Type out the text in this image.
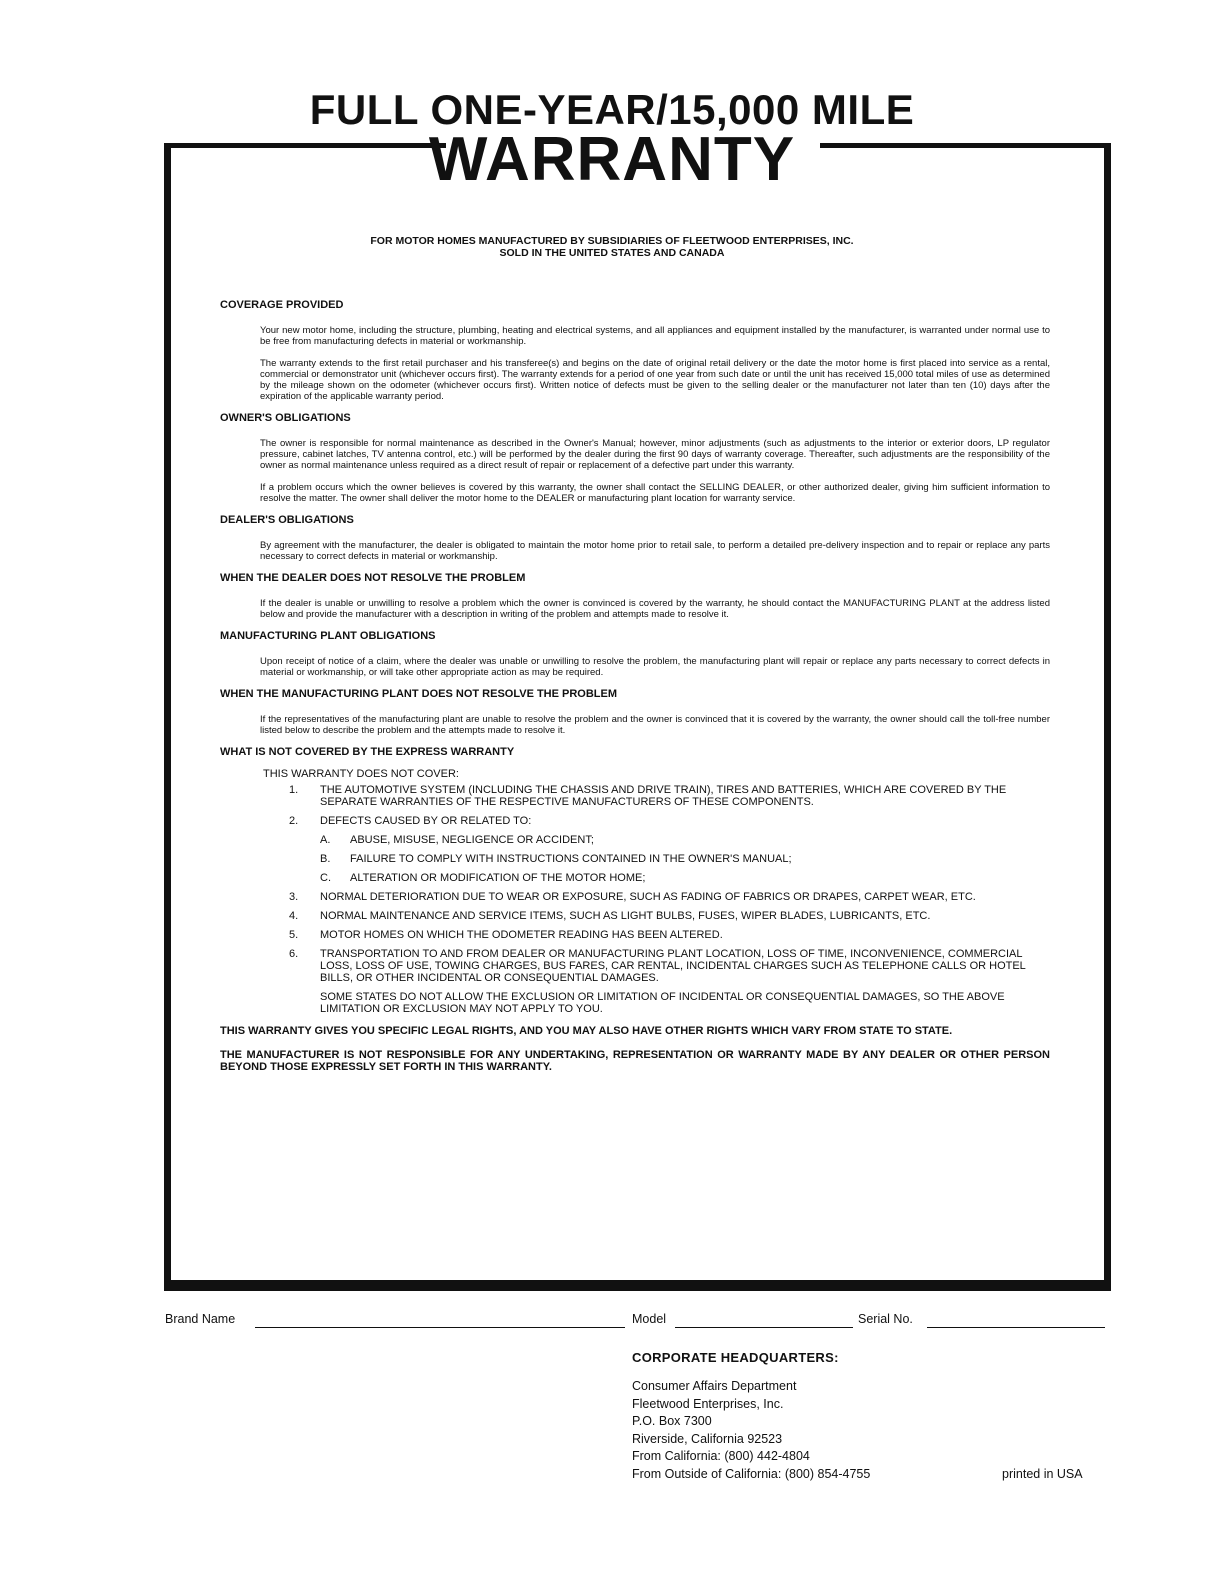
FULL ONE-YEAR/15,000 MILE
WARRANTY
FOR MOTOR HOMES MANUFACTURED BY SUBSIDIARIES OF FLEETWOOD ENTERPRISES, INC.
SOLD IN THE UNITED STATES AND CANADA
COVERAGE PROVIDED

Your new motor home, including the structure, plumbing, heating and electrical systems, and all appliances and equipment installed by the manufacturer, is warranted under normal use to be free from manufacturing defects in material or workmanship.

The warranty extends to the first retail purchaser and his transferee(s) and begins on the date of original retail delivery or the date the motor home is first placed into service as a rental, commercial or demonstrator unit (whichever occurs first). The warranty extends for a period of one year from such date or until the unit has received 15,000 total miles of use as determined by the mileage shown on the odometer (whichever occurs first). Written notice of defects must be given to the selling dealer or the manufacturer not later than ten (10) days after the expiration of the applicable warranty period.

OWNER'S OBLIGATIONS

The owner is responsible for normal maintenance as described in the Owner's Manual; however, minor adjustments (such as adjustments to the interior or exterior doors, LP regulator pressure, cabinet latches, TV antenna control, etc.) will be performed by the dealer during the first 90 days of warranty coverage. Thereafter, such adjustments are the responsibility of the owner as normal maintenance unless required as a direct result of repair or replacement of a defective part under this warranty.

If a problem occurs which the owner believes is covered by this warranty, the owner shall contact the SELLING DEALER, or other authorized dealer, giving him sufficient information to resolve the matter. The owner shall deliver the motor home to the DEALER or manufacturing plant location for warranty service.

DEALER'S OBLIGATIONS

By agreement with the manufacturer, the dealer is obligated to maintain the motor home prior to retail sale, to perform a detailed pre-delivery inspection and to repair or replace any parts necessary to correct defects in material or workmanship.

WHEN THE DEALER DOES NOT RESOLVE THE PROBLEM

If the dealer is unable or unwilling to resolve a problem which the owner is convinced is covered by the warranty, he should contact the MANUFACTURING PLANT at the address listed below and provide the manufacturer with a description in writing of the problem and attempts made to resolve it.

MANUFACTURING PLANT OBLIGATIONS

Upon receipt of notice of a claim, where the dealer was unable or unwilling to resolve the problem, the manufacturing plant will repair or replace any parts necessary to correct defects in material or workmanship, or will take other appropriate action as may be required.

WHEN THE MANUFACTURING PLANT DOES NOT RESOLVE THE PROBLEM

If the representatives of the manufacturing plant are unable to resolve the problem and the owner is convinced that it is covered by the warranty, the owner should call the toll-free number listed below to describe the problem and the attempts made to resolve it.

WHAT IS NOT COVERED BY THE EXPRESS WARRANTY
THIS WARRANTY DOES NOT COVER:
1. THE AUTOMOTIVE SYSTEM (INCLUDING THE CHASSIS AND DRIVE TRAIN), TIRES AND BATTERIES, WHICH ARE COVERED BY THE SEPARATE WARRANTIES OF THE RESPECTIVE MANUFACTURERS OF THESE COMPONENTS.
2. DEFECTS CAUSED BY OR RELATED TO:
A. ABUSE, MISUSE, NEGLIGENCE OR ACCIDENT;
B. FAILURE TO COMPLY WITH INSTRUCTIONS CONTAINED IN THE OWNER'S MANUAL;
C. ALTERATION OR MODIFICATION OF THE MOTOR HOME;
3. NORMAL DETERIORATION DUE TO WEAR OR EXPOSURE, SUCH AS FADING OF FABRICS OR DRAPES, CARPET WEAR, ETC.
4. NORMAL MAINTENANCE AND SERVICE ITEMS, SUCH AS LIGHT BULBS, FUSES, WIPER BLADES, LUBRICANTS, ETC.
5. MOTOR HOMES ON WHICH THE ODOMETER READING HAS BEEN ALTERED.
6. TRANSPORTATION TO AND FROM DEALER OR MANUFACTURING PLANT LOCATION, LOSS OF TIME, INCONVENIENCE, COMMERCIAL LOSS, LOSS OF USE, TOWING CHARGES, BUS FARES, CAR RENTAL, INCIDENTAL CHARGES SUCH AS TELEPHONE CALLS OR HOTEL BILLS, OR OTHER INCIDENTAL OR CONSEQUENTIAL DAMAGES.
SOME STATES DO NOT ALLOW THE EXCLUSION OR LIMITATION OF INCIDENTAL OR CONSEQUENTIAL DAMAGES, SO THE ABOVE LIMITATION OR EXCLUSION MAY NOT APPLY TO YOU.
THIS WARRANTY GIVES YOU SPECIFIC LEGAL RIGHTS, AND YOU MAY ALSO HAVE OTHER RIGHTS WHICH VARY FROM STATE TO STATE.
THE MANUFACTURER IS NOT RESPONSIBLE FOR ANY UNDERTAKING, REPRESENTATION OR WARRANTY MADE BY ANY DEALER OR OTHER PERSON BEYOND THOSE EXPRESSLY SET FORTH IN THIS WARRANTY.
Brand Name	Model	Serial No.
CORPORATE HEADQUARTERS:
Consumer Affairs Department
Fleetwood Enterprises, Inc.
P.O. Box 7300
Riverside, California 92523
From California: (800) 442-4804
From Outside of California: (800) 854-4755	printed in USA
